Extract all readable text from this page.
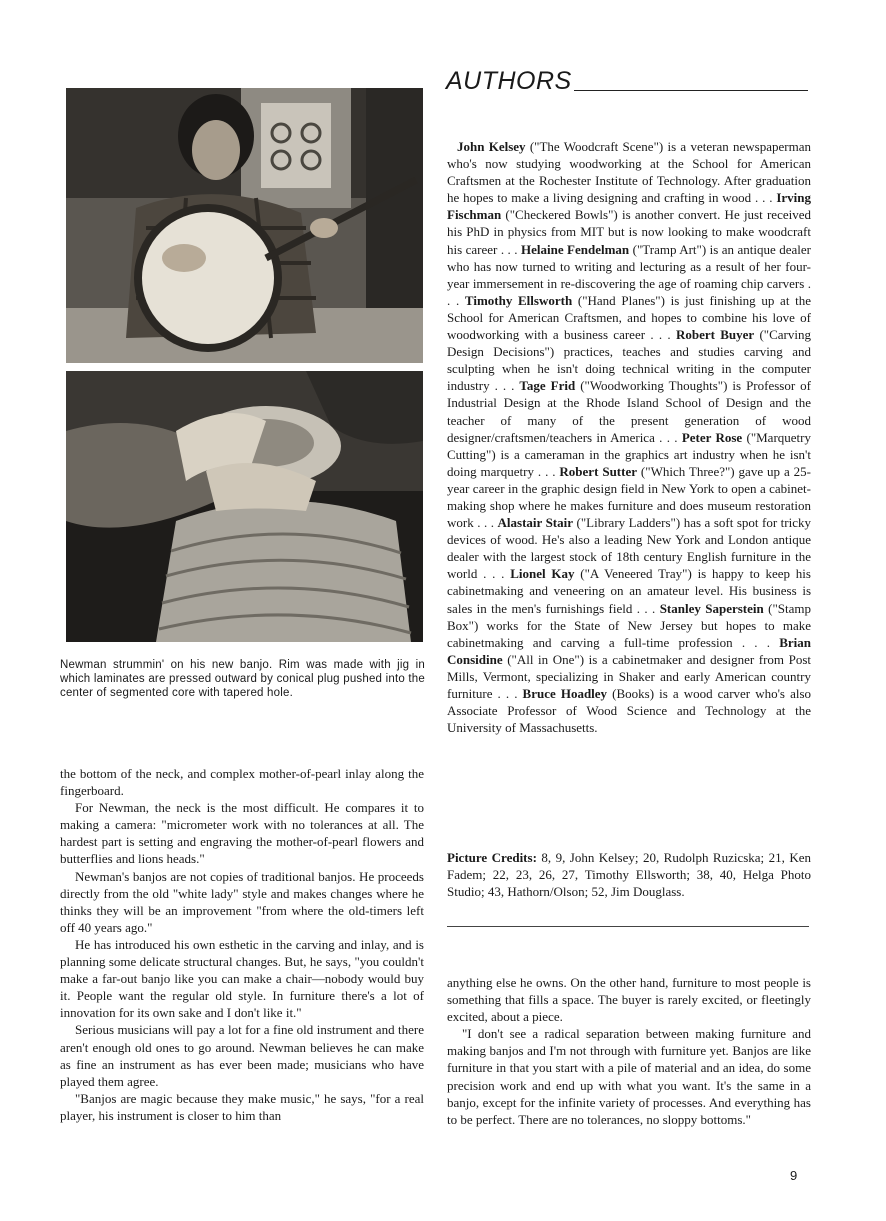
AUTHORS
Newman strummin' on his new banjo. Rim was made with jig in which laminates are pressed outward by conical plug pushed into the center of segmented core with tapered hole.

the bottom of the neck, and complex mother-of-pearl inlay along the fingerboard.

For Newman, the neck is the most difficult. He compares it to making a camera: "micrometer work with no tolerances at all. The hardest part is setting and engraving the mother-of-pearl flowers and butterflies and lions heads."

Newman's banjos are not copies of traditional banjos. He proceeds directly from the old "white lady" style and makes changes where he thinks they will be an improvement "from where the old-timers left off 40 years ago."

He has introduced his own esthetic in the carving and inlay, and is planning some delicate structural changes. But, he says, "you couldn't make a far-out banjo like you can make a chair—nobody would buy it. People want the regular old style. In furniture there's a lot of innovation for its own sake and I don't like it."

Serious musicians will pay a lot for a fine old instrument and there aren't enough old ones to go around. Newman believes he can make as fine an instrument as has ever been made; musicians who have played them agree.

"Banjos are magic because they make music," he says, "for a real player, his instrument is closer to him than

John Kelsey ("The Woodcraft Scene") is a veteran newspaperman who's now studying woodworking at the School for American Craftsmen at the Rochester Institute of Technology. After graduation he hopes to make a living designing and crafting in wood . . . Irving Fischman ("Checkered Bowls") is another convert. He just received his PhD in physics from MIT but is now looking to make woodcraft his career . . . Helaine Fendelman ("Tramp Art") is an antique dealer who has now turned to writing and lecturing as a result of her four-year immersement in re-discovering the age of roaming chip carvers . . . Timothy Ellsworth ("Hand Planes") is just finishing up at the School for American Craftsmen, and hopes to combine his love of woodworking with a business career . . . Robert Buyer ("Carving Design Decisions") practices, teaches and studies carving and sculpting when he isn't doing technical writing in the computer industry . . . Tage Frid ("Woodworking Thoughts") is Professor of Industrial Design at the Rhode Island School of Design and the teacher of many of the present generation of wood designer/craftsmen/teachers in America . . . Peter Rose ("Marquetry Cutting") is a cameraman in the graphics art industry when he isn't doing marquetry . . . Robert Sutter ("Which Three?") gave up a 25-year career in the graphic design field in New York to open a cabinet-making shop where he makes furniture and does museum restoration work . . . Alastair Stair ("Library Ladders") has a soft spot for tricky devices of wood. He's also a leading New York and London antique dealer with the largest stock of 18th century English furniture in the world . . . Lionel Kay ("A Veneered Tray") is happy to keep his cabinetmaking and veneering on an amateur level. His business is sales in the men's furnishings field . . . Stanley Saperstein ("Stamp Box") works for the State of New Jersey but hopes to make cabinetmaking and carving a full-time profession . . . Brian Considine ("All in One") is a cabinetmaker and designer from Post Mills, Vermont, specializing in Shaker and early American country furniture . . . Bruce Hoadley (Books) is a wood carver who's also Associate Professor of Wood Science and Technology at the University of Massachusetts.

Picture Credits: 8, 9, John Kelsey; 20, Rudolph Ruzicska; 21, Ken Fadem; 22, 23, 26, 27, Timothy Ellsworth; 38, 40, Helga Photo Studio; 43, Hathorn/Olson; 52, Jim Douglass.

anything else he owns. On the other hand, furniture to most people is something that fills a space. The buyer is rarely excited, or fleetingly excited, about a piece.

"I don't see a radical separation between making furniture and making banjos and I'm not through with furniture yet. Banjos are like furniture in that you start with a pile of material and an idea, do some precision work and end up with what you want. It's the same in a banjo, except for the infinite variety of processes. And everything has to be perfect. There are no tolerances, no sloppy bottoms."

9
